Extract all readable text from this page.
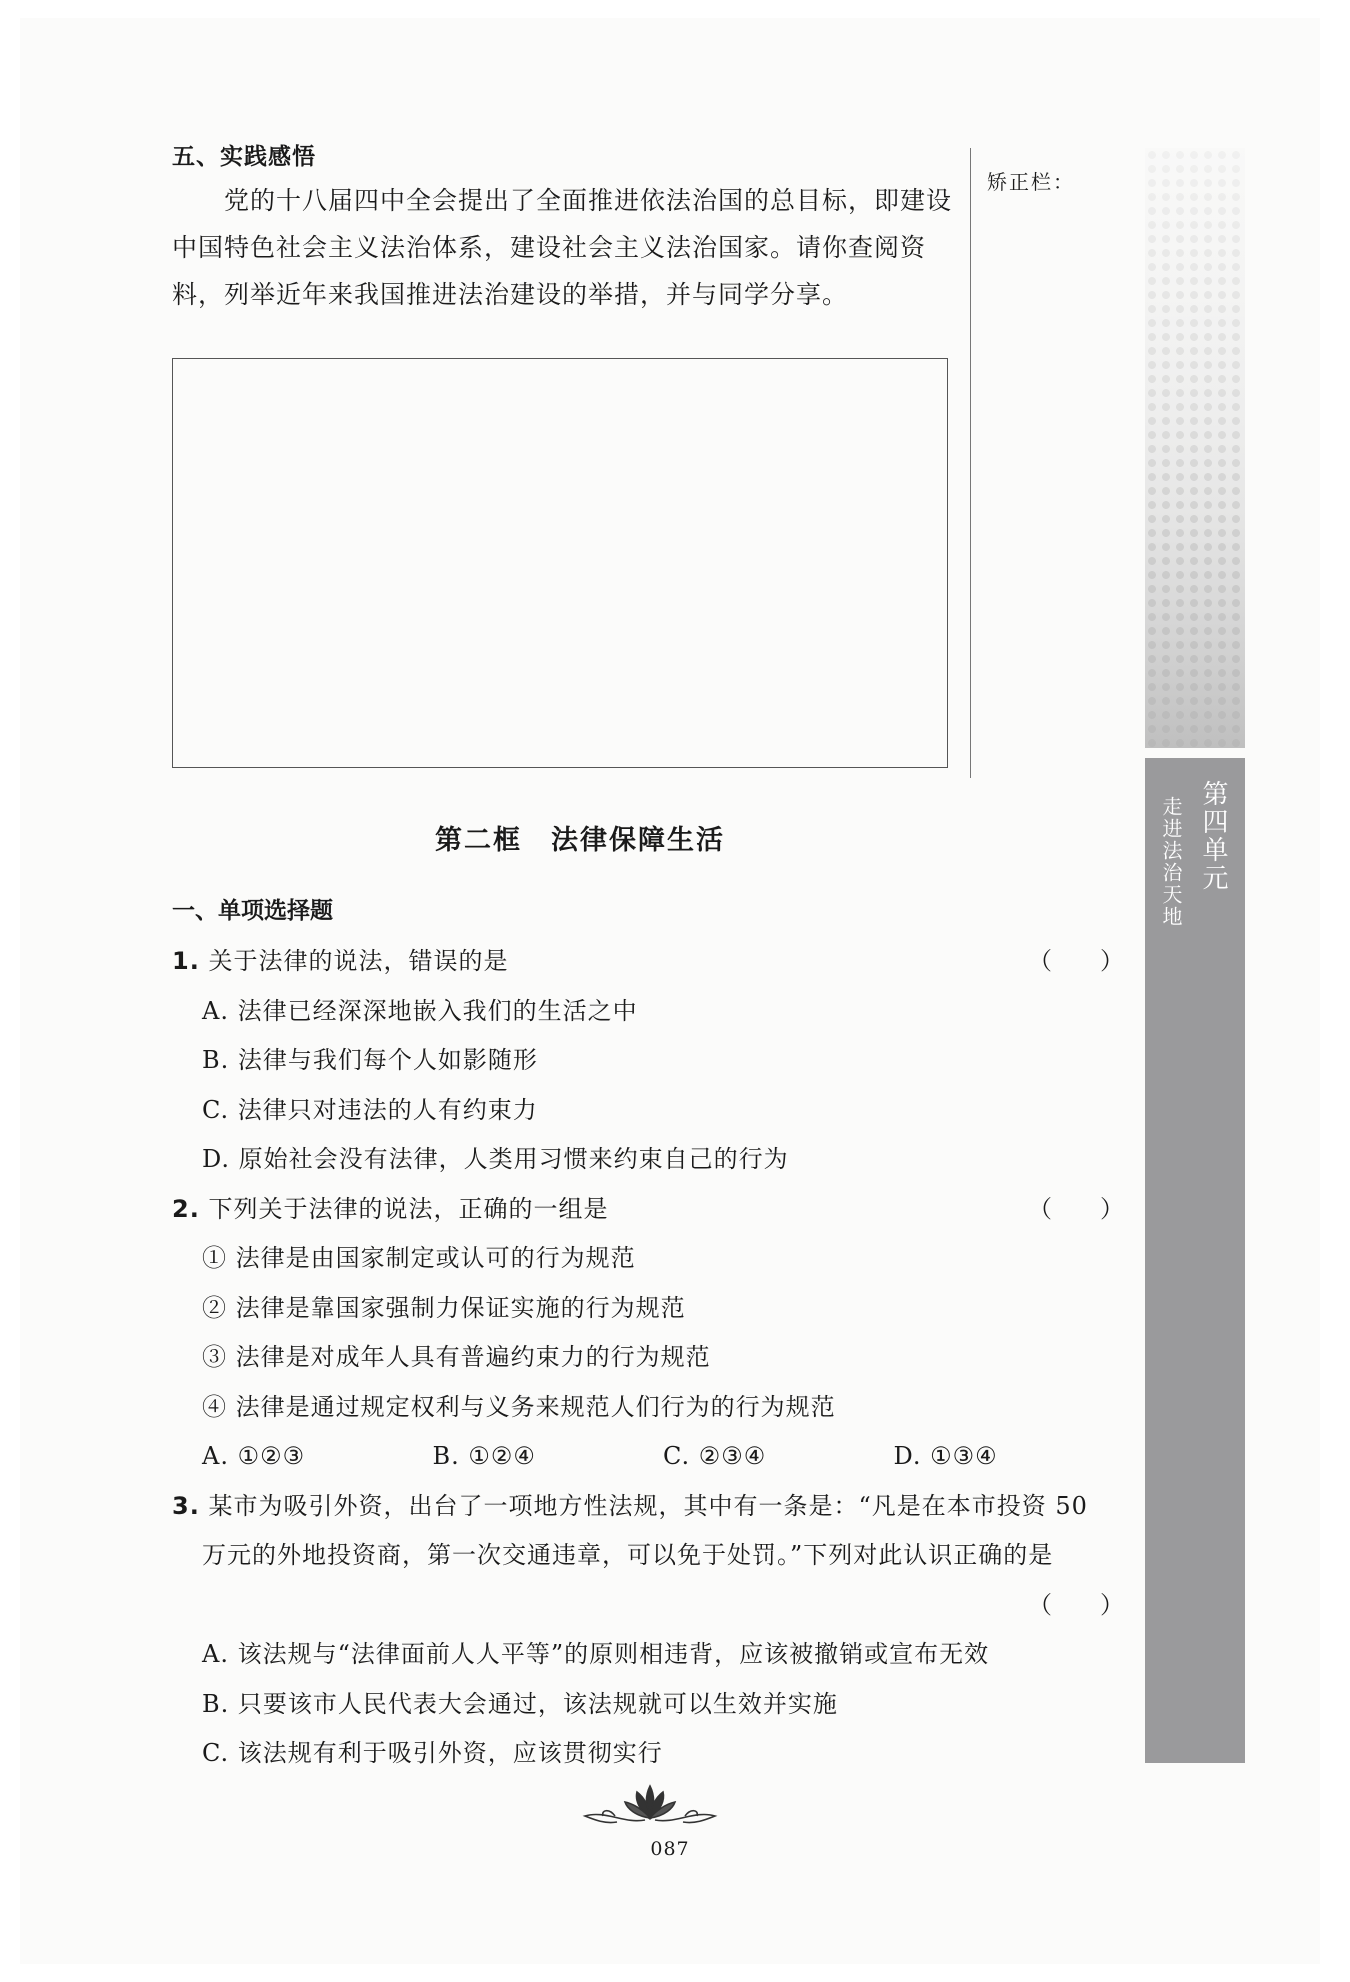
五、实践感悟

党的十八届四中全会提出了全面推进依法治国的总目标，即建设中国特色社会主义法治体系，建设社会主义法治国家。请你查阅资料，列举近年来我国推进法治建设的举措，并与同学分享。

矫正栏：
第四单元
走进法治天地
第二框　法律保障生活
一、单项选择题
1. 关于法律的说法，错误的是	（　　）
A. 法律已经深深地嵌入我们的生活之中
B. 法律与我们每个人如影随形
C. 法律只对违法的人有约束力
D. 原始社会没有法律，人类用习惯来约束自己的行为
2. 下列关于法律的说法，正确的一组是	（　　）
① 法律是由国家制定或认可的行为规范
② 法律是靠国家强制力保证实施的行为规范
③ 法律是对成年人具有普遍约束力的行为规范
④ 法律是通过规定权利与义务来规范人们行为的行为规范
A. ①②③	B. ①②④	C. ②③④	D. ①③④
3. 某市为吸引外资，出台了一项地方性法规，其中有一条是：“凡是在本市投资 50
万元的外地投资商，第一次交通违章，可以免于处罚。”下列对此认识正确的是
（　　）
A. 该法规与“法律面前人人平等”的原则相违背，应该被撤销或宣布无效
B. 只要该市人民代表大会通过，该法规就可以生效并实施
C. 该法规有利于吸引外资，应该贯彻实行
087
